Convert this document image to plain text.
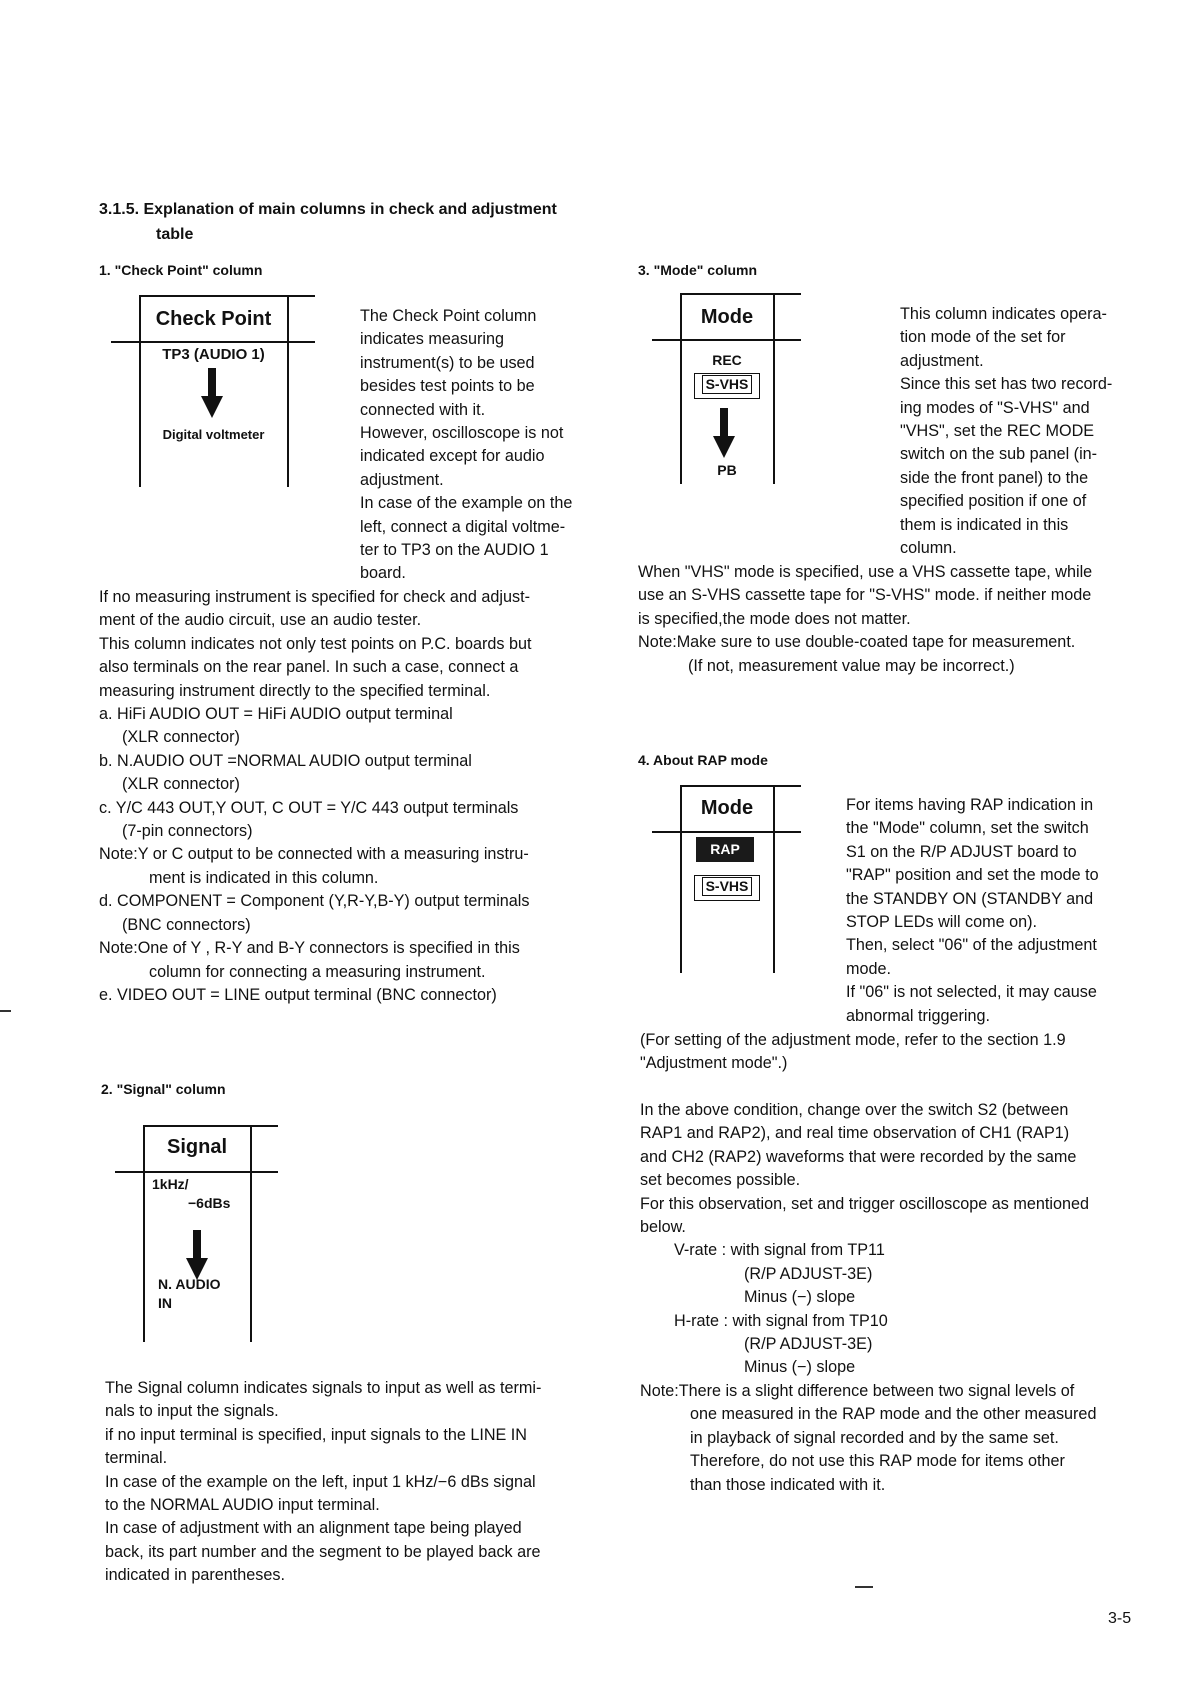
3.1.5. Explanation of main columns in check and adjustment
table
1. "Check Point" column
Check Point
TP3 (AUDIO 1)
Digital voltmeter
The Check Point column
indicates measuring
instrument(s) to be used
besides test points to be
connected with it.
However, oscilloscope is not
indicated except for audio
adjustment.
In case of the example on the
left, connect a digital voltme-
ter to TP3 on the AUDIO 1
board.
If no measuring instrument is specified for check and adjust-
ment of the audio circuit, use an audio tester.
This column indicates not only test points on P.C. boards but
also terminals on the rear panel. In such a case, connect a
measuring instrument directly to the specified terminal.
a. HiFi AUDIO OUT = HiFi AUDIO output terminal
(XLR connector)
b. N.AUDIO OUT =NORMAL AUDIO output terminal
(XLR connector)
c. Y/C 443 OUT,Y OUT, C OUT = Y/C 443 output terminals
(7-pin connectors)
Note:Y or C output to be connected with a measuring instru-
ment is indicated in this column.
d. COMPONENT = Component (Y,R-Y,B-Y) output terminals
(BNC connectors)
Note:One of Y , R-Y and B-Y connectors is specified in this
column for connecting a measuring instrument.
e. VIDEO OUT = LINE output terminal (BNC connector)
2. "Signal" column
Signal
1kHz/
−6dBs
N. AUDIO
IN
The Signal column indicates signals to input as well as termi-
nals to input the signals.
if no input terminal is specified, input signals to the LINE IN
terminal.
In case of the example on the left, input 1 kHz/−6 dBs signal
to the NORMAL AUDIO input terminal.
In case of adjustment with an alignment tape being played
back, its part number and the segment to be played back are
indicated in parentheses.
3. "Mode" column
Mode
REC
S-VHS
PB
This column indicates opera-
tion mode of the set for
adjustment.
Since this set has two record-
ing modes of "S-VHS" and
"VHS", set the REC MODE
switch on the sub panel (in-
side the front panel) to the
specified position if one of
them is indicated in this
column.
When "VHS" mode is specified, use a VHS cassette tape, while
use an S-VHS cassette tape for "S-VHS" mode. if neither mode
is specified,the mode does not matter.
Note:Make sure to use double-coated tape for measurement.
(If not, measurement value may be incorrect.)
4. About RAP mode
Mode
RAP
S-VHS
For items having RAP indication in
the "Mode" column, set the switch
S1 on the R/P ADJUST board to
"RAP" position and set the mode to
the STANDBY ON (STANDBY and
STOP LEDs will come on).
Then, select "06" of the adjustment
mode.
If "06" is not selected, it may cause
abnormal triggering.
(For setting of the adjustment mode, refer to the section 1.9
"Adjustment mode".)
In the above condition, change over the switch S2 (between
RAP1 and RAP2), and real time observation of CH1 (RAP1)
and CH2 (RAP2) waveforms that were recorded by the same
set becomes possible.
For this observation, set and trigger oscilloscope as mentioned
below.
V-rate : with signal from TP11
(R/P ADJUST-3E)
Minus (−) slope
H-rate : with signal from TP10
(R/P ADJUST-3E)
Minus (−) slope
Note:There is a slight difference between two signal levels of
one measured in the RAP mode and the other measured
in playback of signal recorded and by the same set.
Therefore, do not use this RAP mode for items other
than those indicated with it.
3-5
